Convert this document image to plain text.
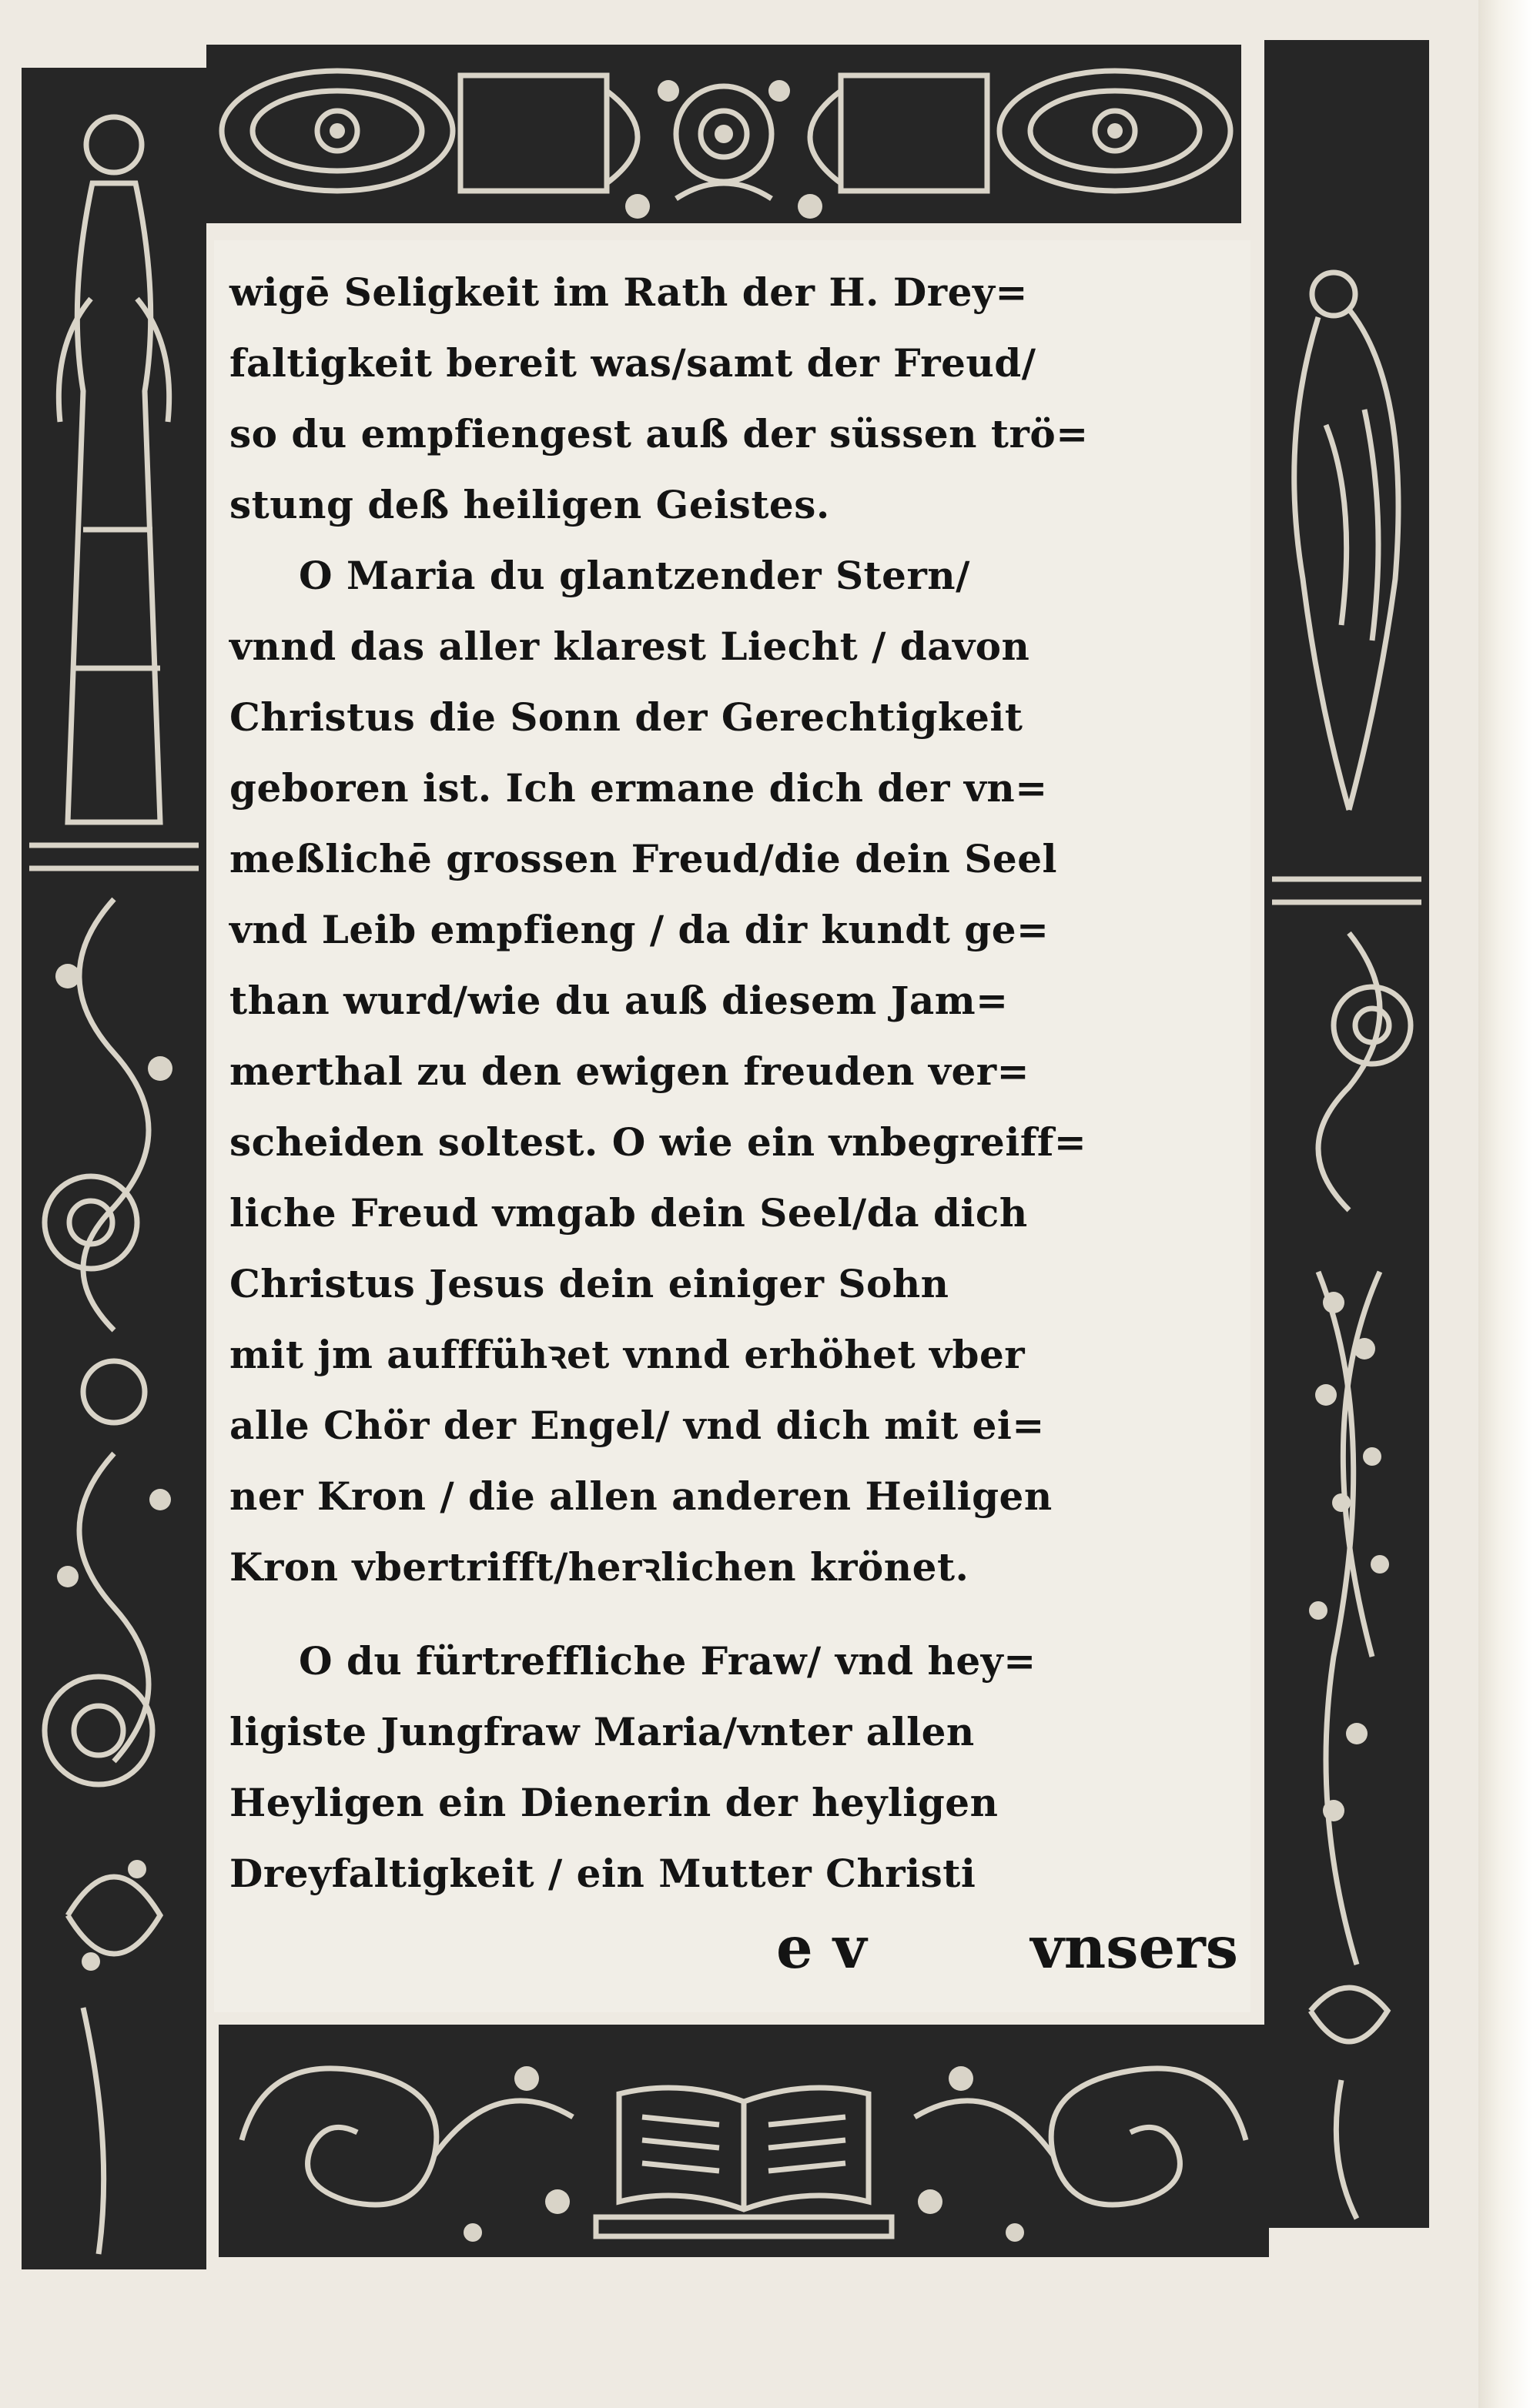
wigē Seligkeit im Rath der H. Drey=
faltigkeit bereit was/samt der Freud/
so du empfiengest auß der süssen trö=
stung deß heiligen Geistes.
O Maria du glantzender Stern/
vnnd das aller klarest Liecht / davon
Christus die Sonn der Gerechtigkeit
geboren ist. Ich ermane dich der vn=
meßlichē grossen Freud/die dein Seel
vnd Leib empfieng / da dir kundt ge=
than wurd/wie du auß diesem Jam=
merthal zu den ewigen freuden ver=
scheiden soltest. O wie ein vnbegreiff=
liche Freud vmgab dein Seel/da dich
Christus Jesus dein einiger Sohn
mit jm aufffühꝛet vnnd erhöhet vber
alle Chör der Engel/ vnd dich mit ei=
ner Kron / die allen anderen Heiligen
Kron vbertrifft/herꝛlichen krönet.
O du fürtreffliche Fraw/ vnd hey=
ligiste Jungfraw Maria/vnter allen
Heyligen ein Dienerin der heyligen
Dreyfaltigkeit / ein Mutter Christi
e v	vnsers
